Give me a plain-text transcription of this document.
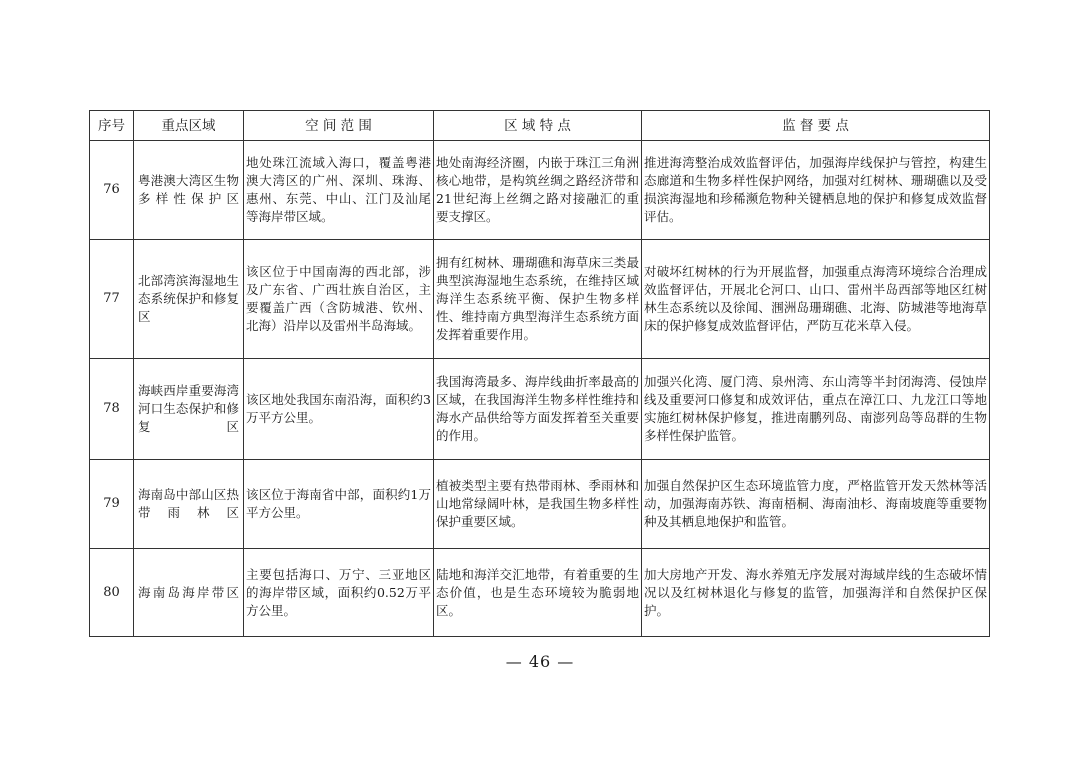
序号	重点区域	空 间 范 围	区 域 特 点	监 督 要 点
76	粤港澳大湾区生物多样性保护区	地处珠江流域入海口，覆盖粤港澳大湾区的广州、深圳、珠海、惠州、东莞、中山、江门及汕尾等海岸带区域。	地处南海经济圈，内嵌于珠江三角洲核心地带，是构筑丝绸之路经济带和21世纪海上丝绸之路对接融汇的重要支撑区。	推进海湾整治成效监督评估，加强海岸线保护与管控，构建生态廊道和生物多样性保护网络，加强对红树林、珊瑚礁以及受损滨海湿地和珍稀濒危物种关键栖息地的保护和修复成效监督评估。
77	北部湾滨海湿地生态系统保护和修复区	该区位于中国南海的西北部，涉及广东省、广西壮族自治区，主要覆盖广西（含防城港、钦州、北海）沿岸以及雷州半岛海域。	拥有红树林、珊瑚礁和海草床三类最典型滨海湿地生态系统，在维持区域海洋生态系统平衡、保护生物多样性、维持南方典型海洋生态系统方面发挥着重要作用。	对破坏红树林的行为开展监督，加强重点海湾环境综合治理成效监督评估，开展北仑河口、山口、雷州半岛西部等地区红树林生态系统以及徐闻、涠洲岛珊瑚礁、北海、防城港等地海草床的保护修复成效监督评估，严防互花米草入侵。
78	海峡西岸重要海湾河口生态保护和修复区	该区地处我国东南沿海，面积约3万平方公里。	我国海湾最多、海岸线曲折率最高的区域，在我国海洋生物多样性维持和海水产品供给等方面发挥着至关重要的作用。	加强兴化湾、厦门湾、泉州湾、东山湾等半封闭海湾、侵蚀岸线及重要河口修复和成效评估，重点在漳江口、九龙江口等地实施红树林保护修复，推进南鹏列岛、南澎列岛等岛群的生物多样性保护监管。
79	海南岛中部山区热带雨林区	该区位于海南省中部，面积约1万平方公里。	植被类型主要有热带雨林、季雨林和山地常绿阔叶林，是我国生物多样性保护重要区域。	加强自然保护区生态环境监管力度，严格监管开发天然林等活动，加强海南苏铁、海南梧桐、海南油杉、海南坡鹿等重要物种及其栖息地保护和监管。
80	海南岛海岸带区	主要包括海口、万宁、三亚地区的海岸带区域，面积约0.52万平方公里。	陆地和海洋交汇地带，有着重要的生态价值，也是生态环境较为脆弱地区。	加大房地产开发、海水养殖无序发展对海域岸线的生态破坏情况以及红树林退化与修复的监管，加强海洋和自然保护区保护。
— 46 —
